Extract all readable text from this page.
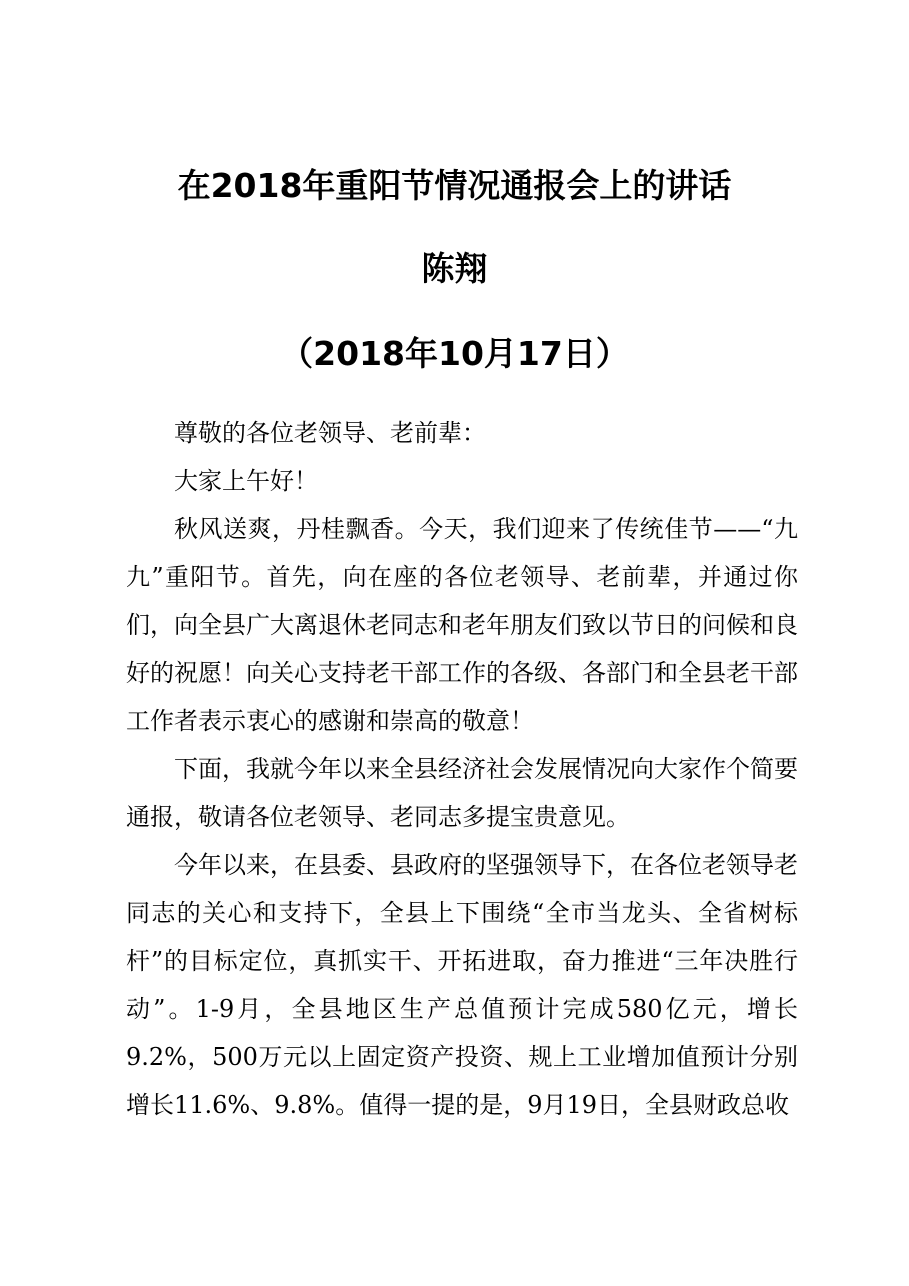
在2018年重阳节情况通报会上的讲话
陈翔
（2018年10月17日）

尊敬的各位老领导、老前辈：

大家上午好！

秋风送爽，丹桂飘香。今天，我们迎来了传统佳节——“九九”重阳节。首先，向在座的各位老领导、老前辈，并通过你们，向全县广大离退休老同志和老年朋友们致以节日的问候和良好的祝愿！向关心支持老干部工作的各级、各部门和全县老干部工作者表示衷心的感谢和崇高的敬意！

下面，我就今年以来全县经济社会发展情况向大家作个简要通报，敬请各位老领导、老同志多提宝贵意见。

今年以来，在县委、县政府的坚强领导下，在各位老领导老同志的关心和支持下，全县上下围绕“全市当龙头、全省树标杆”的目标定位，真抓实干、开拓进取，奋力推进“三年决胜行动”。1-9月，全县地区生产总值预计完成580亿元，增长9.2%，500万元以上固定资产投资、规上工业增加值预计分别增长11.6%、9.8%。值得一提的是，9月19日，全县财政总收
